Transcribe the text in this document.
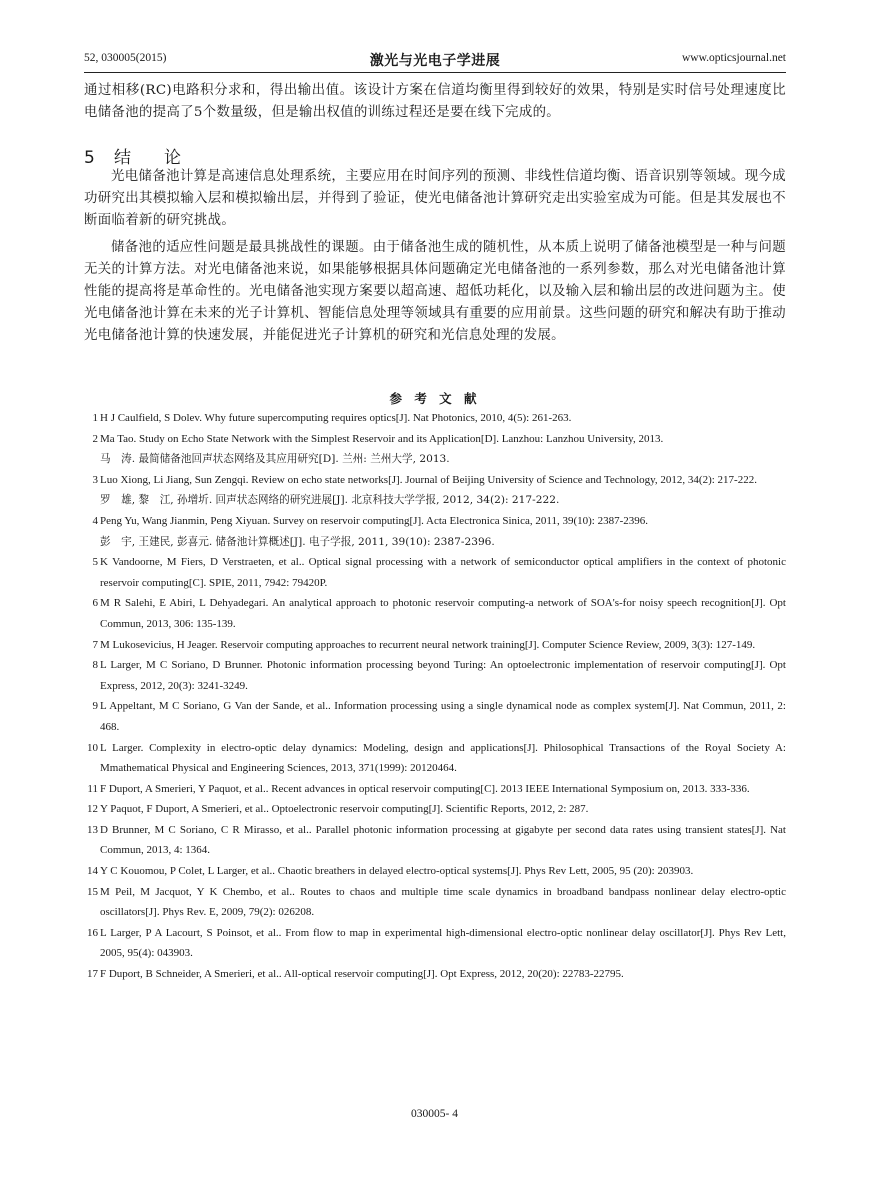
52, 030005(2015)	激光与光电子学进展	www.opticsjournal.net
通过相移(RC)电路积分求和，得出输出值。该设计方案在信道均衡里得到较好的效果，特别是实时信号处理速度比电储备池的提高了5个数量级，但是输出权值的训练过程还是要在线下完成的。
5 结 论
光电储备池计算是高速信息处理系统，主要应用在时间序列的预测、非线性信道均衡、语音识别等领域。现今成功研究出其模拟输入层和模拟输出层，并得到了验证，使光电储备池计算研究走出实验室成为可能。但是其发展也不断面临着新的研究挑战。
储备池的适应性问题是最具挑战性的课题。由于储备池生成的随机性，从本质上说明了储备池模型是一种与问题无关的计算方法。对光电储备池来说，如果能够根据具体问题确定光电储备池的一系列参数，那么对光电储备池计算性能的提高将是革命性的。光电储备池实现方案要以超高速、超低功耗化，以及输入层和输出层的改进问题为主。使光电储备池计算在未来的光子计算机、智能信息处理等领域具有重要的应用前景。这些问题的研究和解决有助于推动光电储备池计算的快速发展，并能促进光子计算机的研究和光信息处理的发展。
参 考 文 献
1 H J Caulfield, S Dolev. Why future supercomputing requires optics[J]. Nat Photonics, 2010, 4(5): 261-263.
2 Ma Tao. Study on Echo State Network with the Simplest Reservoir and its Application[D]. Lanzhou: Lanzhou University, 2013.
马　涛. 最简储备池回声状态网络及其应用研究[D]. 兰州: 兰州大学, 2013.
3 Luo Xiong, Li Jiang, Sun Zengqi. Review on echo state networks[J]. Journal of Beijing University of Science and Technology, 2012, 34(2): 217-222.
罗　雄, 黎　江, 孙增圻. 回声状态网络的研究进展[J]. 北京科技大学学报, 2012, 34(2): 217-222.
4 Peng Yu, Wang Jianmin, Peng Xiyuan. Survey on reservoir computing[J]. Acta Electronica Sinica, 2011, 39(10): 2387-2396.
彭　宇, 王建民, 彭喜元. 储备池计算概述[J]. 电子学报, 2011, 39(10): 2387-2396.
5 K Vandoorne, M Fiers, D Verstraeten, et al.. Optical signal processing with a network of semiconductor optical amplifiers in the context of photonic reservoir computing[C]. SPIE, 2011, 7942: 79420P.
6 M R Salehi, E Abiri, L Dehyadegari. An analytical approach to photonic reservoir computing-a network of SOA's-for noisy speech recognition[J]. Opt Commun, 2013, 306: 135-139.
7 M Lukosevicius, H Jeager. Reservoir computing approaches to recurrent neural network training[J]. Computer Science Review, 2009, 3(3): 127-149.
8 L Larger, M C Soriano, D Brunner. Photonic information processing beyond Turing: An optoelectronic implementation of reservoir computing[J]. Opt Express, 2012, 20(3): 3241-3249.
9 L Appeltant, M C Soriano, G Van der Sande, et al.. Information processing using a single dynamical node as complex system[J]. Nat Commun, 2011, 2: 468.
10 L Larger. Complexity in electro-optic delay dynamics: Modeling, design and applications[J]. Philosophical Transactions of the Royal Society A: Mmathematical Physical and Engineering Sciences, 2013, 371(1999): 20120464.
11 F Duport, A Smerieri, Y Paquot, et al.. Recent advances in optical reservoir computing[C]. 2013 IEEE International Symposium on, 2013. 333-336.
12 Y Paquot, F Duport, A Smerieri, et al.. Optoelectronic reservoir computing[J]. Scientific Reports, 2012, 2: 287.
13 D Brunner, M C Soriano, C R Mirasso, et al.. Parallel photonic information processing at gigabyte per second data rates using transient states[J]. Nat Commun, 2013, 4: 1364.
14 Y C Kouomou, P Colet, L Larger, et al.. Chaotic breathers in delayed electro-optical systems[J]. Phys Rev Lett, 2005, 95 (20): 203903.
15 M Peil, M Jacquot, Y K Chembo, et al.. Routes to chaos and multiple time scale dynamics in broadband bandpass nonlinear delay electro-optic oscillators[J]. Phys Rev. E, 2009, 79(2): 026208.
16 L Larger, P A Lacourt, S Poinsot, et al.. From flow to map in experimental high-dimensional electro-optic nonlinear delay oscillator[J]. Phys Rev Lett, 2005, 95(4): 043903.
17 F Duport, B Schneider, A Smerieri, et al.. All-optical reservoir computing[J]. Opt Express, 2012, 20(20): 22783-22795.
030005- 4
